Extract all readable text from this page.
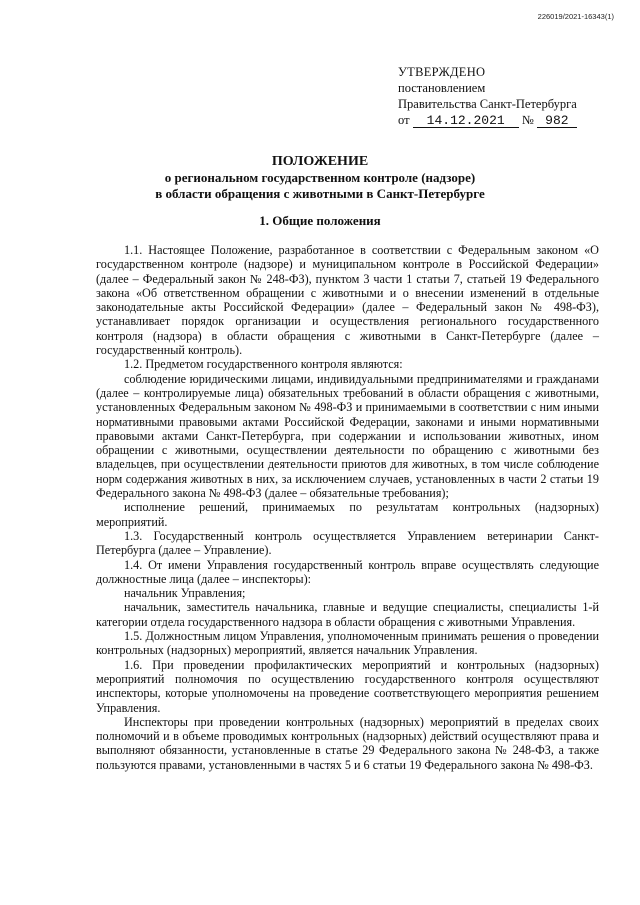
226019/2021-16343(1)
УТВЕРЖДЕНО
постановлением
Правительства Санкт-Петербурга
от 14.12.2021 № 982
ПОЛОЖЕНИЕ
о региональном государственном контроле (надзоре)
в области обращения с животными в Санкт-Петербурге
1. Общие положения

1.1. Настоящее Положение, разработанное в соответствии с Федеральным законом «О государственном контроле (надзоре) и муниципальном контроле в Российской Федерации» (далее – Федеральный закон № 248-ФЗ), пунктом 3 части 1 статьи 7, статьей 19 Федерального закона «Об ответственном обращении с животными и о внесении изменений в отдельные законодательные акты Российской Федерации» (далее – Федеральный закон № 498-ФЗ), устанавливает порядок организации и осуществления регионального государственного контроля (надзора) в области обращения с животными в Санкт-Петербурге (далее – государственный контроль).

1.2. Предметом государственного контроля являются:

соблюдение юридическими лицами, индивидуальными предпринимателями и гражданами (далее – контролируемые лица) обязательных требований в области обращения с животными, установленных Федеральным законом № 498-ФЗ и принимаемыми в соответствии с ним иными нормативными правовыми актами Российской Федерации, законами и иными нормативными правовыми актами Санкт-Петербурга, при содержании и использовании животных, ином обращении с животными, осуществлении деятельности по обращению с животными без владельцев, при осуществлении деятельности приютов для животных, в том числе соблюдение норм содержания животных в них, за исключением случаев, установленных в части 2 статьи 19 Федерального закона № 498-ФЗ (далее – обязательные требования);

исполнение решений, принимаемых по результатам контрольных (надзорных) мероприятий.

1.3. Государственный контроль осуществляется Управлением ветеринарии Санкт-Петербурга (далее – Управление).

1.4. От имени Управления государственный контроль вправе осуществлять следующие должностные лица (далее – инспекторы):

начальник Управления;

начальник, заместитель начальника, главные и ведущие специалисты, специалисты 1-й категории отдела государственного надзора в области обращения с животными Управления.

1.5. Должностным лицом Управления, уполномоченным принимать решения о проведении контрольных (надзорных) мероприятий, является начальник Управления.

1.6. При проведении профилактических мероприятий и контрольных (надзорных) мероприятий полномочия по осуществлению государственного контроля осуществляют инспекторы, которые уполномочены на проведение соответствующего мероприятия решением Управления.

Инспекторы при проведении контрольных (надзорных) мероприятий в пределах своих полномочий и в объеме проводимых контрольных (надзорных) действий осуществляют права и выполняют обязанности, установленные в статье 29 Федерального закона № 248-ФЗ, а также пользуются правами, установленными в частях 5 и 6 статьи 19 Федерального закона № 498-ФЗ.
